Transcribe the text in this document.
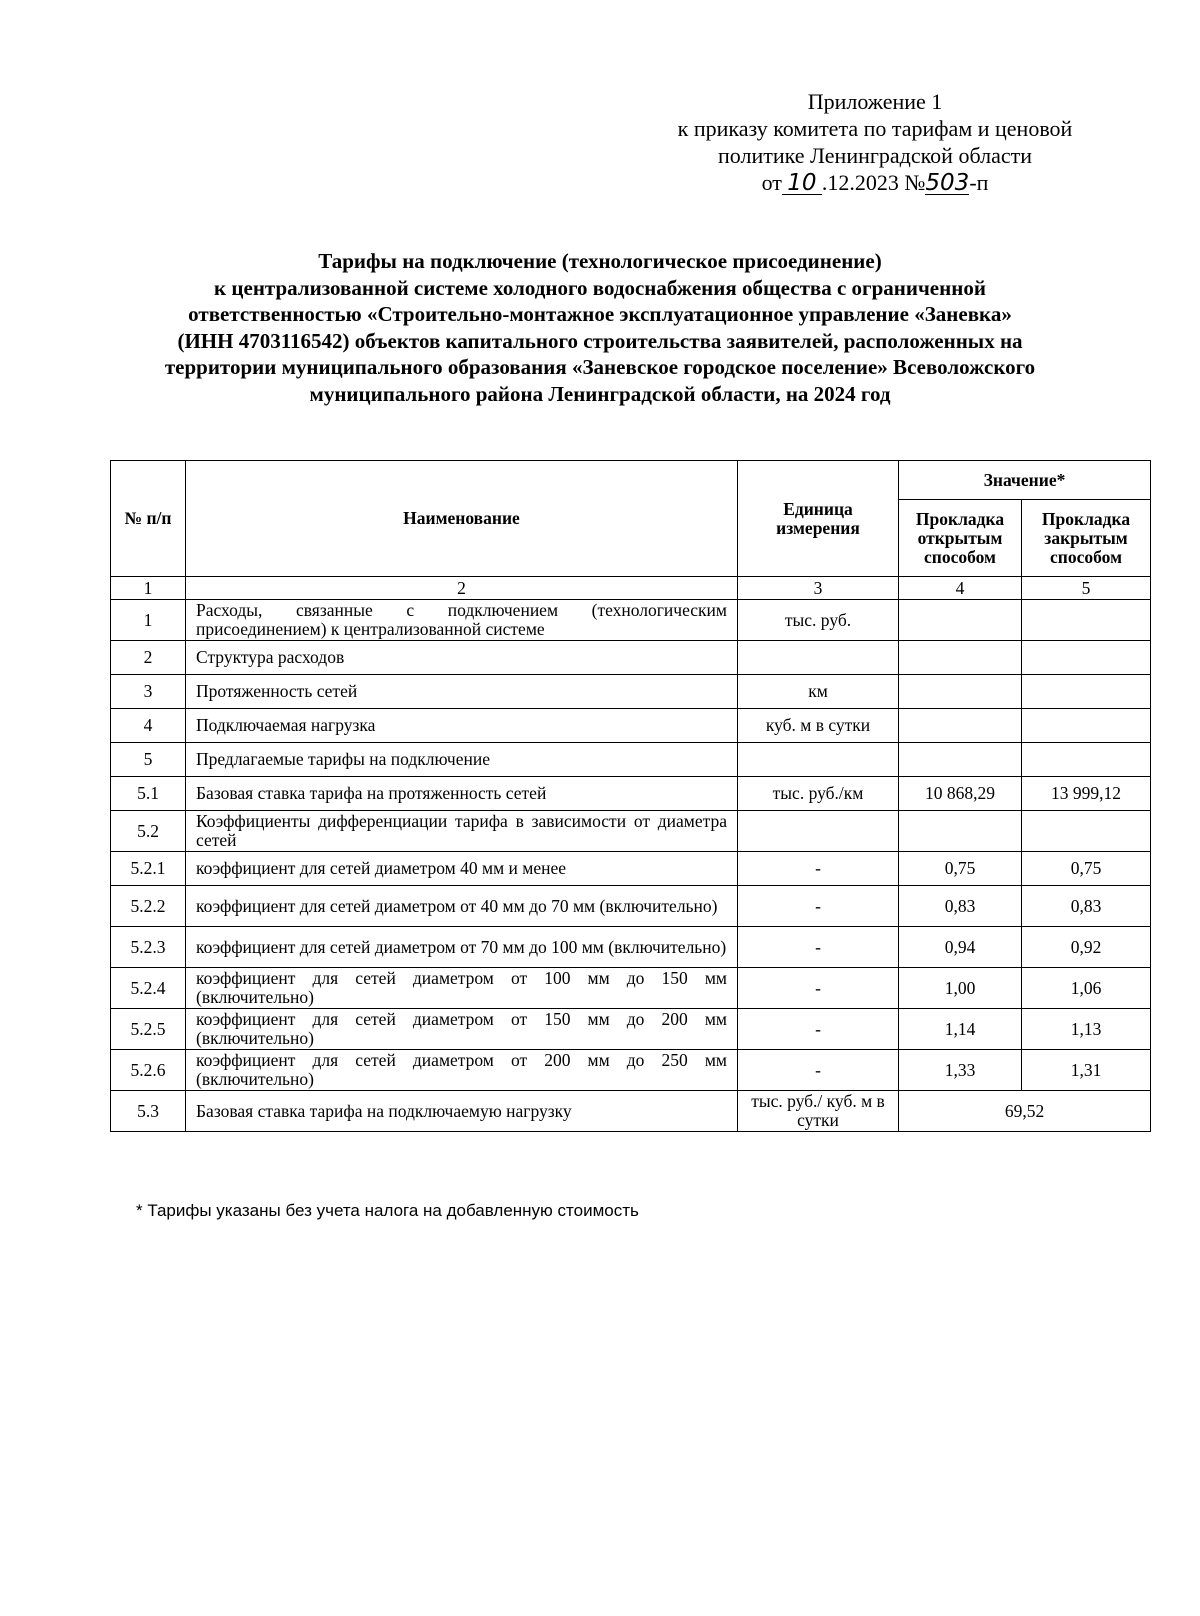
Приложение 1
к приказу комитета по тарифам и ценовой
политике Ленинградской области
от 10 .12.2023 №503-п
Тарифы на подключение (технологическое присоединение)
к централизованной системе холодного водоснабжения общества с ограниченной
ответственностью «Строительно-монтажное эксплуатационное управление «Заневка»
(ИНН 4703116542) объектов капитального строительства заявителей, расположенных на
территории муниципального образования «Заневское городское поселение» Всеволожского
муниципального района Ленинградской области, на 2024 год
№ п/п	Наименование	Единица измерения	Значение*	
			Прокладка открытым способом	Прокладка закрытым способом
1	2	3	4	5
1	Расходы, связанные с подключением (технологическим присоединением) к централизованной системе	тыс. руб.		
2	Структура расходов			
3	Протяженность сетей	км		
4	Подключаемая нагрузка	куб. м в сутки		
5	Предлагаемые тарифы на подключение			
5.1	Базовая ставка тарифа на протяженность сетей	тыс. руб./км	10 868,29	13 999,12
5.2	Коэффициенты дифференциации тарифа в зависимости от диаметра сетей			
5.2.1	коэффициент для сетей диаметром 40 мм и менее	-	0,75	0,75
5.2.2	коэффициент для сетей диаметром от 40 мм до 70 мм (включительно)	-	0,83	0,83
5.2.3	коэффициент для сетей диаметром от 70 мм до 100 мм (включительно)	-	0,94	0,92
5.2.4	коэффициент для сетей диаметром от 100 мм до 150 мм (включительно)	-	1,00	1,06
5.2.5	коэффициент для сетей диаметром от 150 мм до 200 мм (включительно)	-	1,14	1,13
5.2.6	коэффициент для сетей диаметром от 200 мм до 250 мм (включительно)	-	1,33	1,31
5.3	Базовая ставка тарифа на подключаемую нагрузку	тыс. руб./ куб. м в сутки	69,52	
* Тарифы указаны без учета налога на добавленную стоимость
